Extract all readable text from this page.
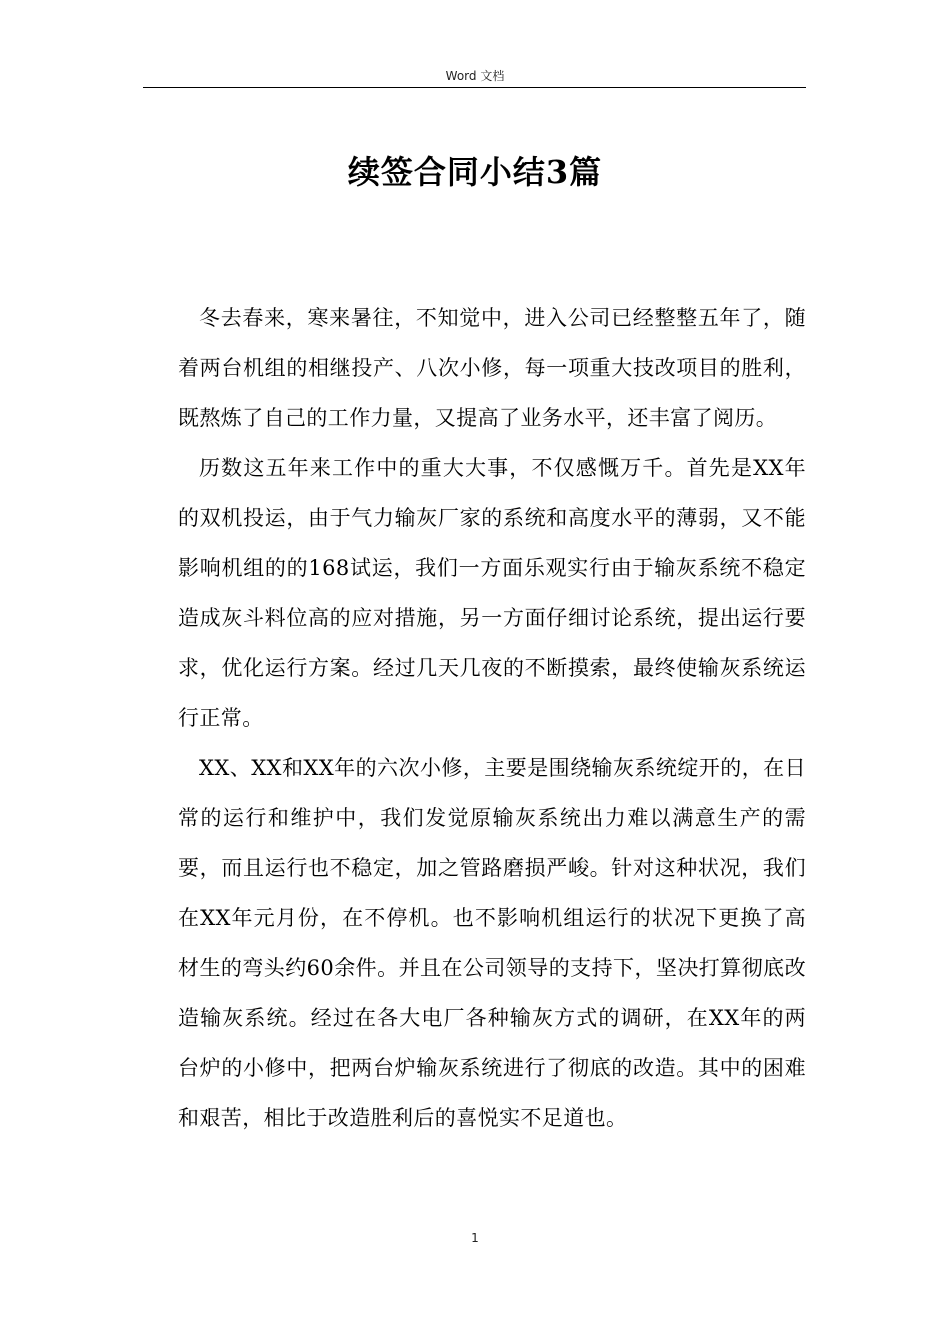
Word 文档
续签合同小结3篇

冬去春来，寒来暑往，不知觉中，进入公司已经整整五年了，随着两台机组的相继投产、八次小修，每一项重大技改项目的胜利，既熬炼了自己的工作力量，又提高了业务水平，还丰富了阅历。

历数这五年来工作中的重大大事，不仅感慨万千。首先是XX年的双机投运，由于气力输灰厂家的系统和高度水平的薄弱，又不能影响机组的的168试运，我们一方面乐观实行由于输灰系统不稳定造成灰斗料位高的应对措施，另一方面仔细讨论系统，提出运行要求，优化运行方案。经过几天几夜的不断摸索，最终使输灰系统运行正常。

XX、XX和XX年的六次小修，主要是围绕输灰系统绽开的，在日常的运行和维护中，我们发觉原输灰系统出力难以满意生产的需要，而且运行也不稳定，加之管路磨损严峻。针对这种状况，我们在XX年元月份，在不停机。也不影响机组运行的状况下更换了高材生的弯头约60余件。并且在公司领导的支持下，坚决打算彻底改造输灰系统。经过在各大电厂各种输灰方式的调研，在XX年的两台炉的小修中，把两台炉输灰系统进行了彻底的改造。其中的困难和艰苦，相比于改造胜利后的喜悦实不足道也。

1
